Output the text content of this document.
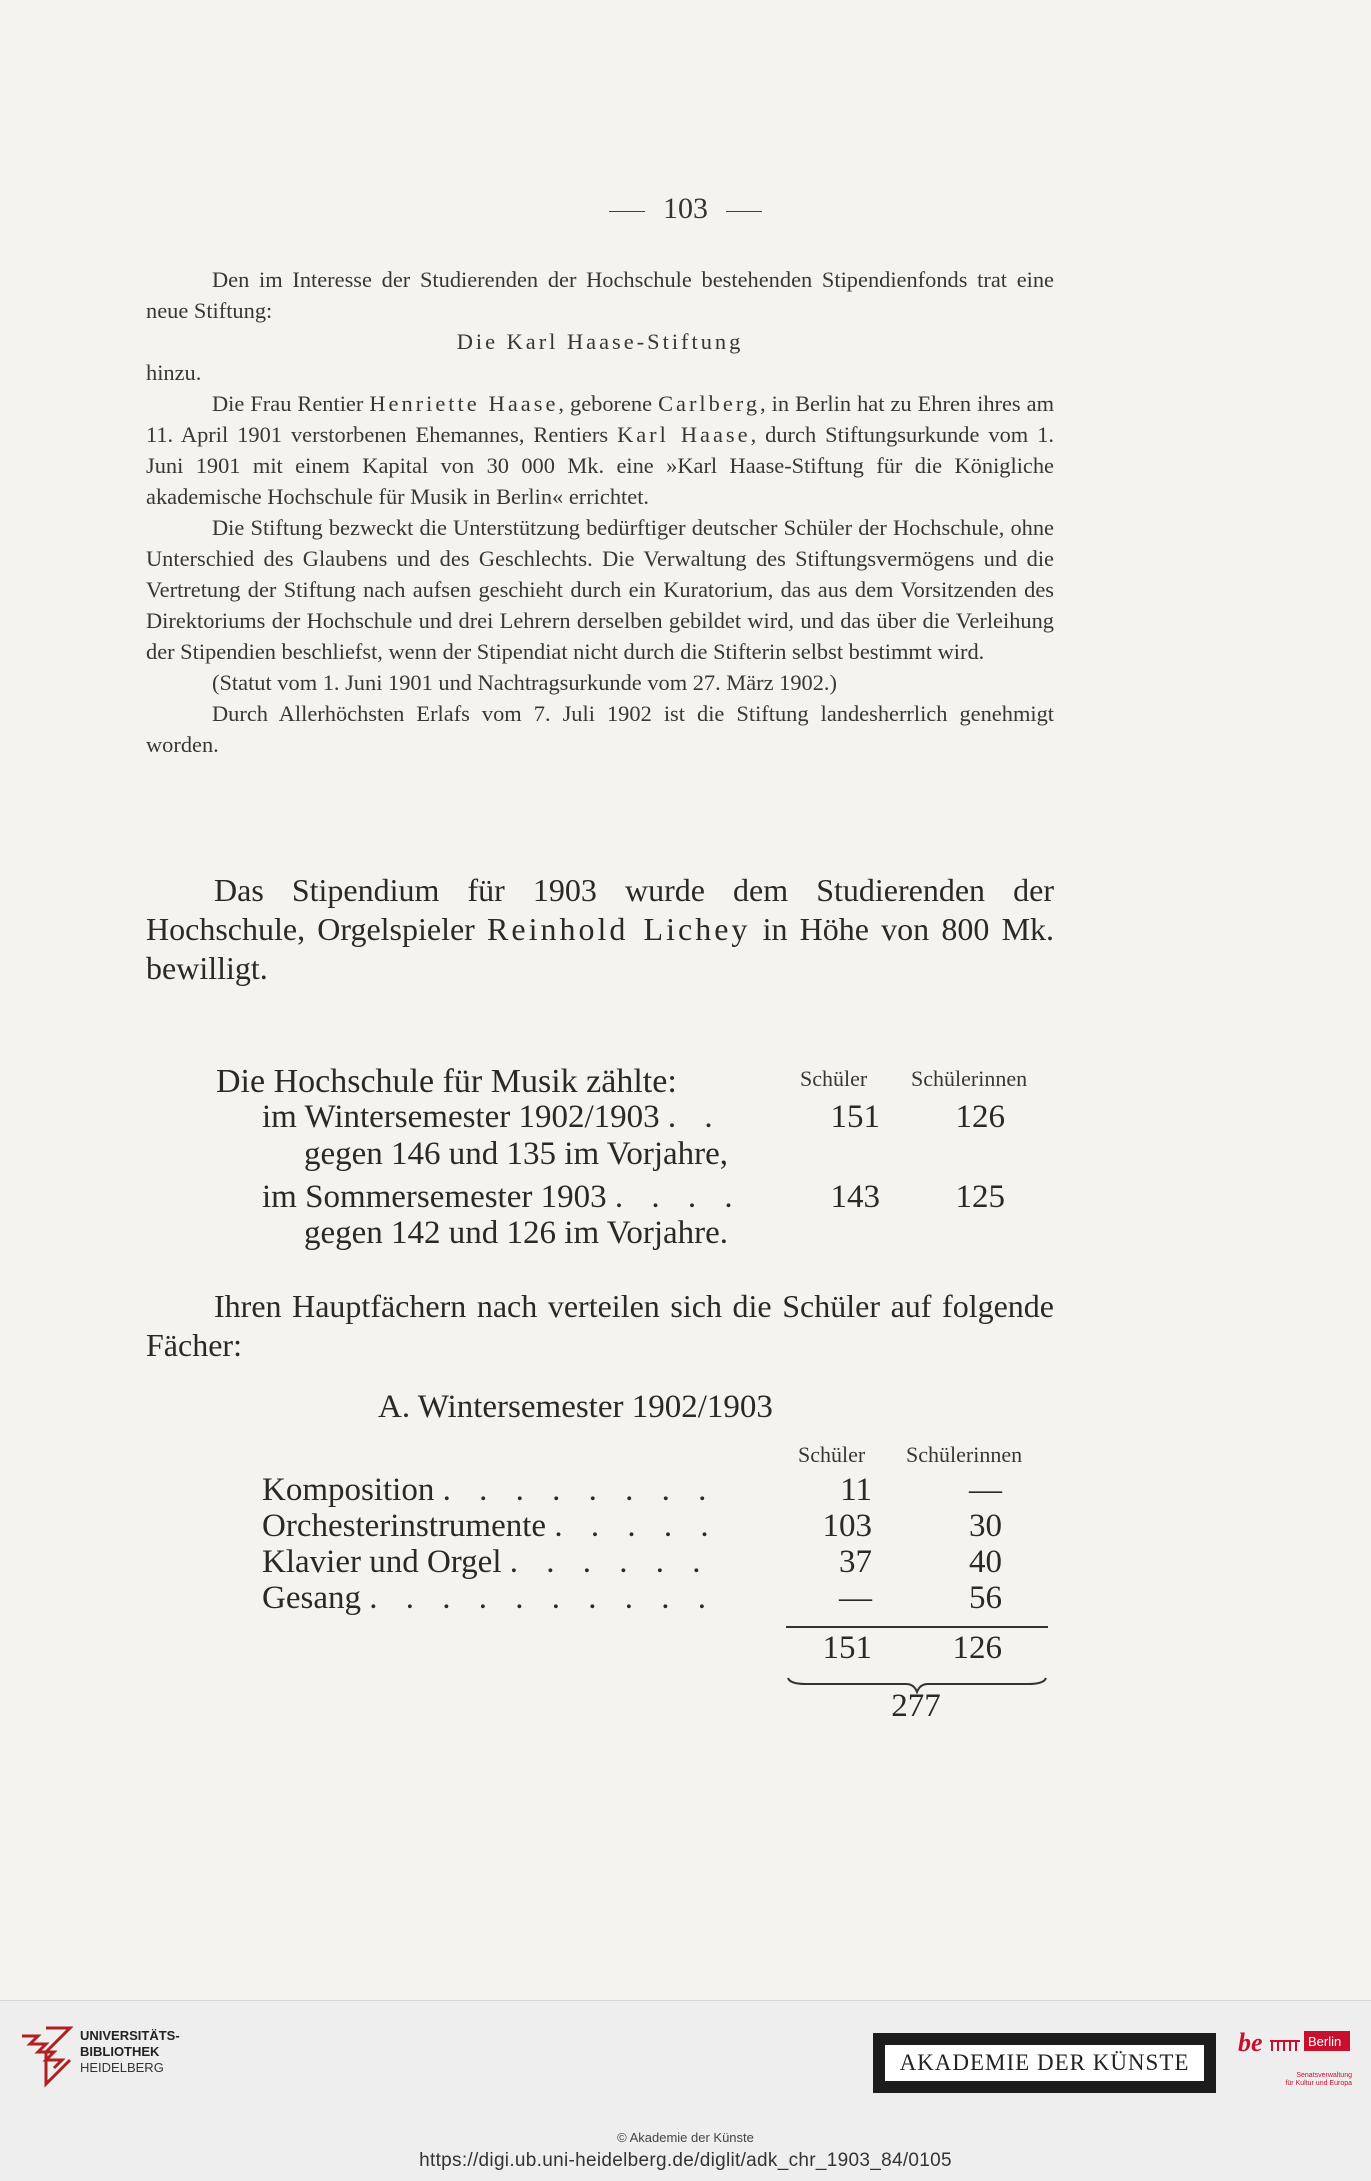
103

Den im Interesse der Studierenden der Hochschule bestehenden Stipendienfonds trat eine neue Stiftung:

Die Karl Haase-Stiftung

hinzu.

Die Frau Rentier Henriette Haase, geborene Carlberg, in Berlin hat zu Ehren ihres am 11. April 1901 verstorbenen Ehemannes, Rentiers Karl Haase, durch Stiftungsurkunde vom 1. Juni 1901 mit einem Kapital von 30 000 Mk. eine »Karl Haase-Stiftung für die Königliche akademische Hochschule für Musik in Berlin« errichtet.

Die Stiftung bezweckt die Unterstützung bedürftiger deutscher Schüler der Hochschule, ohne Unterschied des Glaubens und des Geschlechts. Die Verwaltung des Stiftungsvermögens und die Vertretung der Stiftung nach aufsen geschieht durch ein Kuratorium, das aus dem Vorsitzenden des Direktoriums der Hochschule und drei Lehrern derselben gebildet wird, und das über die Verleihung der Stipendien beschliefst, wenn der Stipendiat nicht durch die Stifterin selbst bestimmt wird.

(Statut vom 1. Juni 1901 und Nachtragsurkunde vom 27. März 1902.)

Durch Allerhöchsten Erlafs vom 7. Juli 1902 ist die Stiftung landesherrlich genehmigt worden.

Das Stipendium für 1903 wurde dem Studierenden der Hochschule, Orgelspieler Reinhold Lichey in Höhe von 800 Mk. bewilligt.

Die Hochschule für Musik zählte:	Schüler Schülerinnen
im Wintersemester 1902/1903 . .	151	126
gegen 146 und 135 im Vorjahre,
im Sommersemester 1903 . . . .	143	125
gegen 142 und 126 im Vorjahre.

Ihren Hauptfächern nach verteilen sich die Schüler auf folgende Fächer:

A. Wintersemester 1902/1903
Schüler Schülerinnen
Komposition . . . . . . . .	11	—
Orchesterinstrumente . . . . .	103	30
Klavier und Orgel . . . . . .	37	40
Gesang . . . . . . . . . .	—	56
151	126
277
UNIVERSITÄTS-
BIBLIOTHEK
HEIDELBERG	AKADEMIE DER KÜNSTE
be	Berlin
Senatsverwaltung
für Kultur und Europa
© Akademie der Künste
https://digi.ub.uni-heidelberg.de/diglit/adk_chr_1903_84/0105
